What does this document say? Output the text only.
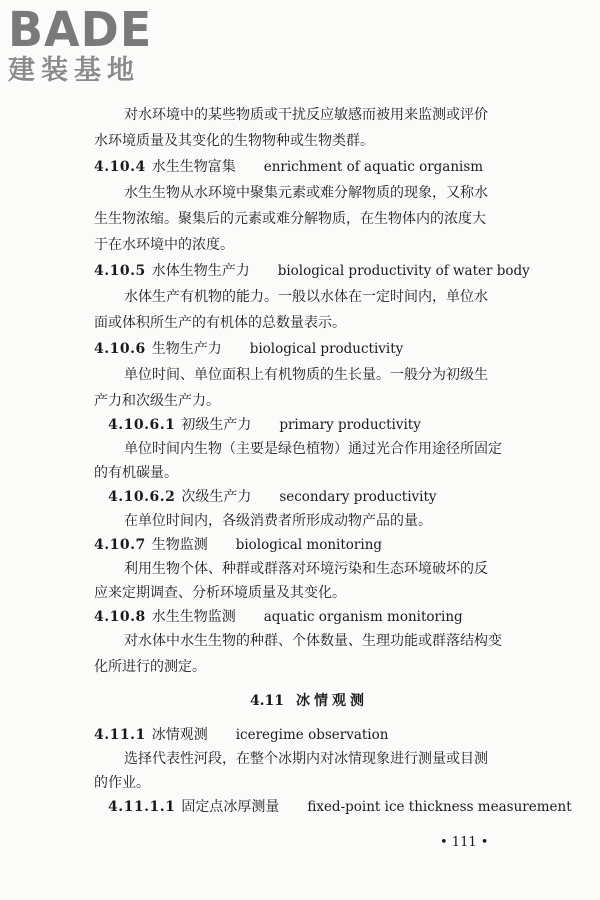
BADE
建装基地
对水环境中的某些物质或干扰反应敏感而被用来监测或评价
水环境质量及其变化的生物物种或生物类群。
4.10.4 水生生物富集 enrichment of aquatic organism
水生生物从水环境中聚集元素或难分解物质的现象，又称水
生生物浓缩。聚集后的元素或难分解物质，在生物体内的浓度大
于在水环境中的浓度。
4.10.5 水体生物生产力 biological productivity of water body
水体生产有机物的能力。一般以水体在一定时间内，单位水
面或体积所生产的有机体的总数量表示。
4.10.6 生物生产力 biological productivity
单位时间、单位面积上有机物质的生长量。一般分为初级生
产力和次级生产力。
4.10.6.1 初级生产力 primary productivity
单位时间内生物（主要是绿色植物）通过光合作用途径所固定
的有机碳量。
4.10.6.2 次级生产力 secondary productivity
在单位时间内，各级消费者所形成动物产品的量。
4.10.7 生物监测 biological monitoring
利用生物个体、种群或群落对环境污染和生态环境破坏的反
应来定期调查、分析环境质量及其变化。
4.10.8 水生生物监测 aquatic organism monitoring
对水体中水生生物的种群、个体数量、生理功能或群落结构变
化所进行的测定。
4.11 冰情观测
4.11.1 冰情观测 iceregime observation
选择代表性河段，在整个冰期内对冰情现象进行测量或目测
的作业。
4.11.1.1 固定点冰厚测量 fixed-point ice thickness measurement
• 111 •
